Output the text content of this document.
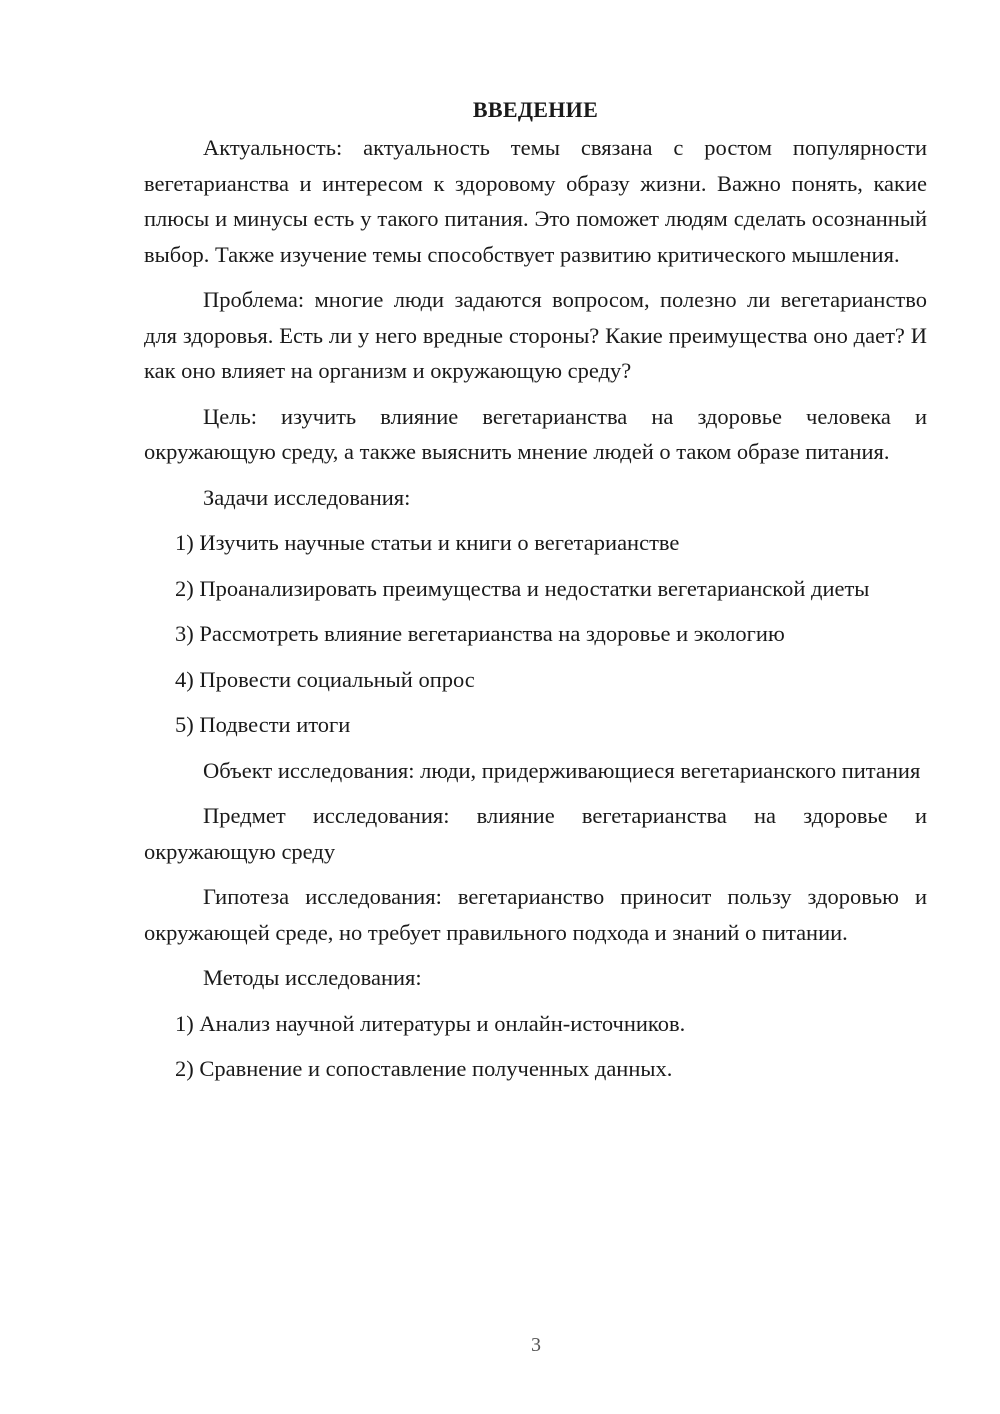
ВВЕДЕНИЕ

Актуальность: актуальность темы связана с ростом популярности вегетарианства и интересом к здоровому образу жизни. Важно понять, какие плюсы и минусы есть у такого питания. Это поможет людям сделать осознанный выбор. Также изучение темы способствует развитию критического мышления.

Проблема: многие люди задаются вопросом, полезно ли вегетарианство для здоровья. Есть ли у него вредные стороны? Какие преимущества оно дает? И как оно влияет на организм и окружающую среду?

Цель: изучить влияние вегетарианства на здоровье человека и окружающую среду, а также выяснить мнение людей о таком образе питания.

Задачи исследования:

1) Изучить научные статьи и книги о вегетарианстве

2) Проанализировать преимущества и недостатки вегетарианской диеты

3) Рассмотреть влияние вегетарианства на здоровье и экологию

4) Провести социальный опрос

5) Подвести итоги

Объект исследования: люди, придерживающиеся вегетарианского питания

Предмет исследования: влияние вегетарианства на здоровье и окружающую среду

Гипотеза исследования: вегетарианство приносит пользу здоровью и окружающей среде, но требует правильного подхода и знаний о питании.

Методы исследования:

1) Анализ научной литературы и онлайн-источников.

2) Сравнение и сопоставление полученных данных.

3
